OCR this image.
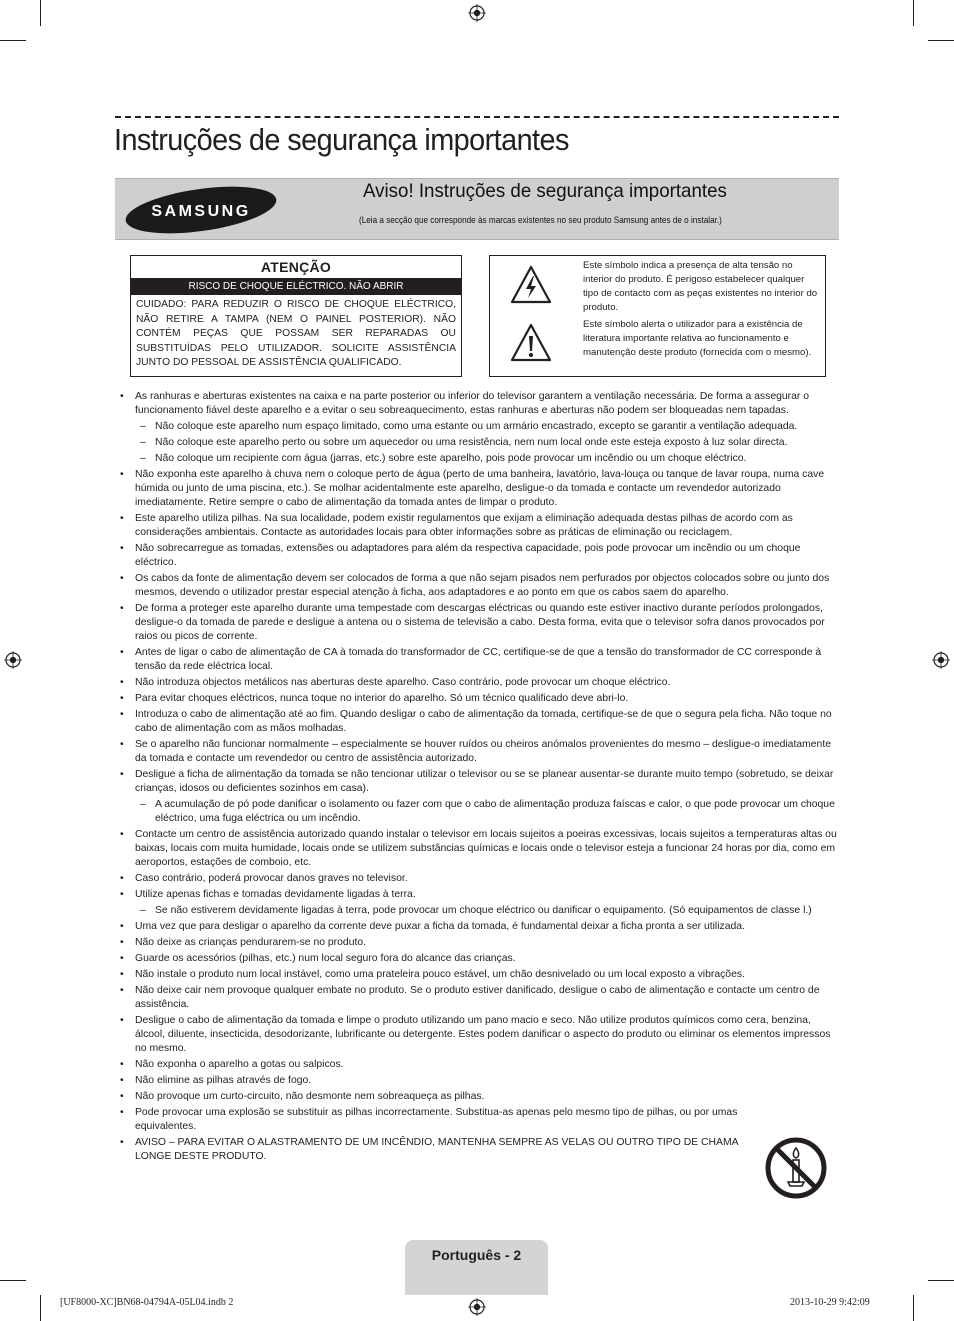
Instruções de segurança importantes
SAMSUNG
Aviso! Instruções de segurança importantes
(Leia a secção que corresponde às marcas existentes no seu produto Samsung antes de o instalar.)
ATENÇÃO
RISCO DE CHOQUE ELÉCTRICO. NÃO ABRIR
CUIDADO: PARA REDUZIR O RISCO DE CHOQUE ELÉCTRICO, NÃO RETIRE A TAMPA (NEM O PAINEL POSTERIOR). NÃO CONTÉM PEÇAS QUE POSSAM SER REPARADAS OU SUBSTITUÍDAS PELO UTILIZADOR. SOLICITE ASSISTÊNCIA JUNTO DO PESSOAL DE ASSISTÊNCIA QUALIFICADO.
Este símbolo indica a presença de alta tensão no interior do produto. É perigoso estabelecer qualquer tipo de contacto com as peças existentes no interior do produto.
Este símbolo alerta o utilizador para a existência de literatura importante relativa ao funcionamento e manutenção deste produto (fornecida com o mesmo).
• As ranhuras e aberturas existentes na caixa e na parte posterior ou inferior do televisor garantem a ventilação necessária. De forma a assegurar o funcionamento fiável deste aparelho e a evitar o seu sobreaquecimento, estas ranhuras e aberturas não podem ser bloqueadas nem tapadas.
– Não coloque este aparelho num espaço limitado, como uma estante ou um armário encastrado, excepto se garantir a ventilação adequada.
– Não coloque este aparelho perto ou sobre um aquecedor ou uma resistência, nem num local onde este esteja exposto à luz solar directa.
– Não coloque um recipiente com água (jarras, etc.) sobre este aparelho, pois pode provocar um incêndio ou um choque eléctrico.
• Não exponha este aparelho à chuva nem o coloque perto de água (perto de uma banheira, lavatório, lava-louça ou tanque de lavar roupa, numa cave húmida ou junto de uma piscina, etc.). Se molhar acidentalmente este aparelho, desligue-o da tomada e contacte um revendedor autorizado imediatamente. Retire sempre o cabo de alimentação da tomada antes de limpar o produto.
• Este aparelho utiliza pilhas. Na sua localidade, podem existir regulamentos que exijam a eliminação adequada destas pilhas de acordo com as considerações ambientais. Contacte as autoridades locais para obter informações sobre as práticas de eliminação ou reciclagem.
• Não sobrecarregue as tomadas, extensões ou adaptadores para além da respectiva capacidade, pois pode provocar um incêndio ou um choque eléctrico.
• Os cabos da fonte de alimentação devem ser colocados de forma a que não sejam pisados nem perfurados por objectos colocados sobre ou junto dos mesmos, devendo o utilizador prestar especial atenção à ficha, aos adaptadores e ao ponto em que os cabos saem do aparelho.
• De forma a proteger este aparelho durante uma tempestade com descargas eléctricas ou quando este estiver inactivo durante períodos prolongados, desligue-o da tomada de parede e desligue a antena ou o sistema de televisão a cabo. Desta forma, evita que o televisor sofra danos provocados por raios ou picos de corrente.
• Antes de ligar o cabo de alimentação de CA à tomada do transformador de CC, certifique-se de que a tensão do transformador de CC corresponde à tensão da rede eléctrica local.
• Não introduza objectos metálicos nas aberturas deste aparelho. Caso contrário, pode provocar um choque eléctrico.
• Para evitar choques eléctricos, nunca toque no interior do aparelho. Só um técnico qualificado deve abri-lo.
• Introduza o cabo de alimentação até ao fim. Quando desligar o cabo de alimentação da tomada, certifique-se de que o segura pela ficha. Não toque no cabo de alimentação com as mãos molhadas.
• Se o aparelho não funcionar normalmente – especialmente se houver ruídos ou cheiros anómalos provenientes do mesmo – desligue-o imediatamente da tomada e contacte um revendedor ou centro de assistência autorizado.
• Desligue a ficha de alimentação da tomada se não tencionar utilizar o televisor ou se se planear ausentar-se durante muito tempo (sobretudo, se deixar crianças, idosos ou deficientes sozinhos em casa).
– A acumulação de pó pode danificar o isolamento ou fazer com que o cabo de alimentação produza faíscas e calor, o que pode provocar um choque eléctrico, uma fuga eléctrica ou um incêndio.
• Contacte um centro de assistência autorizado quando instalar o televisor em locais sujeitos a poeiras excessivas, locais sujeitos a temperaturas altas ou baixas, locais com muita humidade, locais onde se utilizem substâncias químicas e locais onde o televisor esteja a funcionar 24 horas por dia, como em aeroportos, estações de comboio, etc.
• Caso contrário, poderá provocar danos graves no televisor.
• Utilize apenas fichas e tomadas devidamente ligadas à terra.
– Se não estiverem devidamente ligadas à terra, pode provocar um choque eléctrico ou danificar o equipamento. (Só equipamentos de classe l.)
• Uma vez que para desligar o aparelho da corrente deve puxar a ficha da tomada, é fundamental deixar a ficha pronta a ser utilizada.
• Não deixe as crianças pendurarem-se no produto.
• Guarde os acessórios (pilhas, etc.) num local seguro fora do alcance das crianças.
• Não instale o produto num local instável, como uma prateleira pouco estável, um chão desnivelado ou um local exposto a vibrações.
• Não deixe cair nem provoque qualquer embate no produto. Se o produto estiver danificado, desligue o cabo de alimentação e contacte um centro de assistência.
• Desligue o cabo de alimentação da tomada e limpe o produto utilizando um pano macio e seco. Não utilize produtos químicos como cera, benzina, álcool, diluente, insecticida, desodorizante, lubrificante ou detergente. Estes podem danificar o aspecto do produto ou eliminar os elementos impressos no mesmo.
• Não exponha o aparelho a gotas ou salpicos.
• Não elimine as pilhas através de fogo.
• Não provoque um curto-circuito, não desmonte nem sobreaqueça as pilhas.
• Pode provocar uma explosão se substituir as pilhas incorrectamente. Substitua-as apenas pelo mesmo tipo de pilhas, ou por umas equivalentes.
• AVISO – PARA EVITAR O ALASTRAMENTO DE UM INCÊNDIO, MANTENHA SEMPRE AS VELAS OU OUTRO TIPO DE CHAMA LONGE DESTE PRODUTO.
Português - 2
[UF8000-XC]BN68-04794A-05L04.indb 2	2013-10-29 9:42:09
